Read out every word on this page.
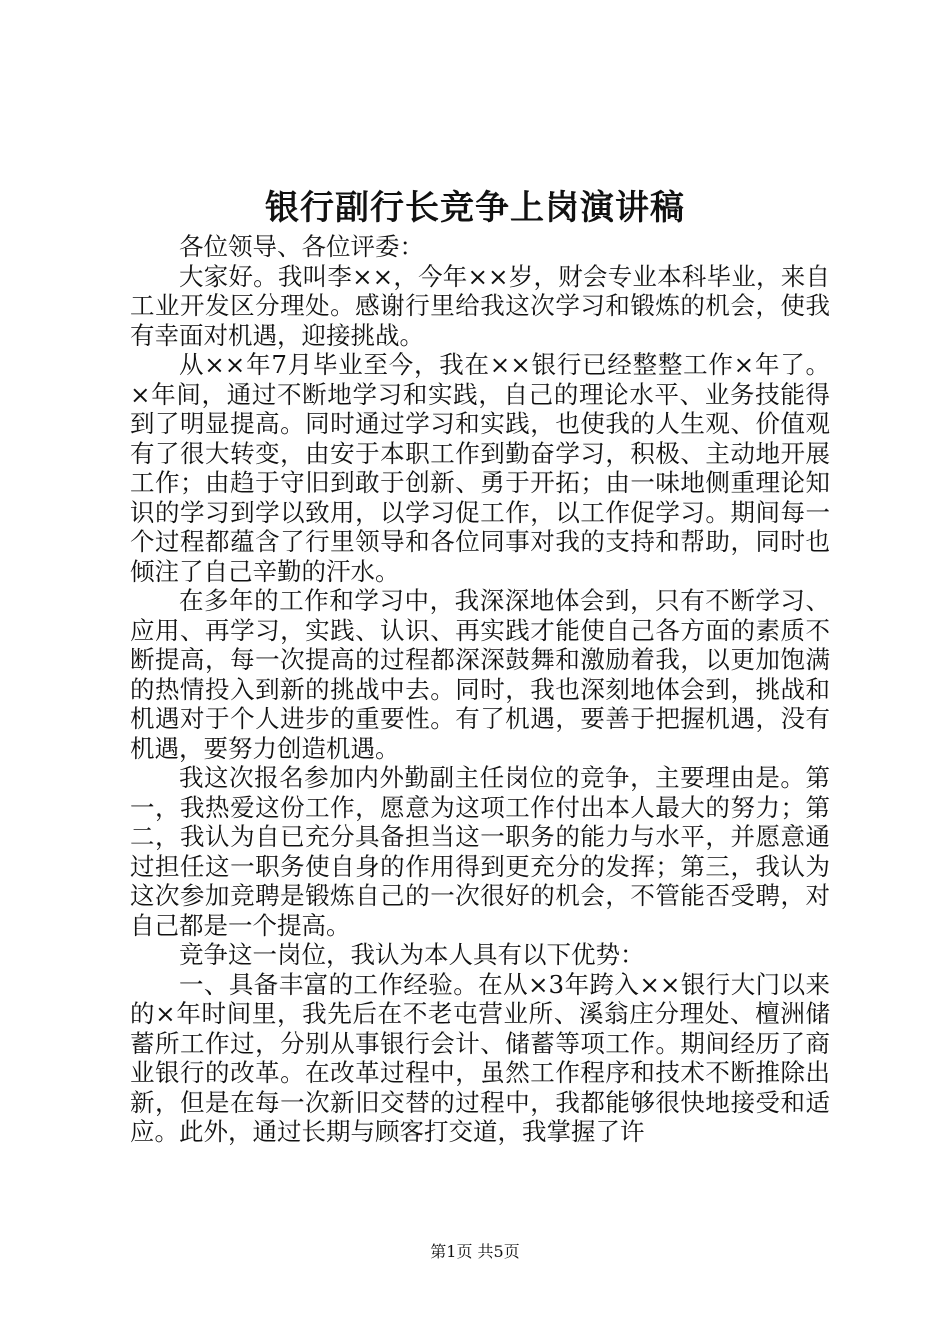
银行副行长竞争上岗演讲稿

各位领导、各位评委：

大家好。我叫李××，今年××岁，财会专业本科毕业，来自工业开发区分理处。感谢行里给我这次学习和锻炼的机会，使我有幸面对机遇，迎接挑战。

从××年7月毕业至今，我在××银行已经整整工作×年了。×年间，通过不断地学习和实践，自己的理论水平、业务技能得到了明显提高。同时通过学习和实践，也使我的人生观、价值观有了很大转变，由安于本职工作到勤奋学习，积极、主动地开展工作；由趋于守旧到敢于创新、勇于开拓；由一味地侧重理论知识的学习到学以致用，以学习促工作，以工作促学习。期间每一个过程都蕴含了行里领导和各位同事对我的支持和帮助，同时也倾注了自己辛勤的汗水。

在多年的工作和学习中，我深深地体会到，只有不断学习、应用、再学习，实践、认识、再实践才能使自己各方面的素质不断提高，每一次提高的过程都深深鼓舞和激励着我，以更加饱满的热情投入到新的挑战中去。同时，我也深刻地体会到，挑战和机遇对于个人进步的重要性。有了机遇，要善于把握机遇，没有机遇，要努力创造机遇。

我这次报名参加内外勤副主任岗位的竞争，主要理由是。第一，我热爱这份工作，愿意为这项工作付出本人最大的努力；第二，我认为自已充分具备担当这一职务的能力与水平，并愿意通过担任这一职务使自身的作用得到更充分的发挥；第三，我认为这次参加竞聘是锻炼自己的一次很好的机会，不管能否受聘，对自己都是一个提高。

竞争这一岗位，我认为本人具有以下优势：

一、具备丰富的工作经验。在从×3年跨入××银行大门以来的×年时间里，我先后在不老屯营业所、溪翁庄分理处、檀洲储蓄所工作过，分别从事银行会计、储蓄等项工作。期间经历了商业银行的改革。在改革过程中，虽然工作程序和技术不断推除出新，但是在每一次新旧交替的过程中，我都能够很快地接受和适应。此外，通过长期与顾客打交道，我掌握了许

第1页 共5页
